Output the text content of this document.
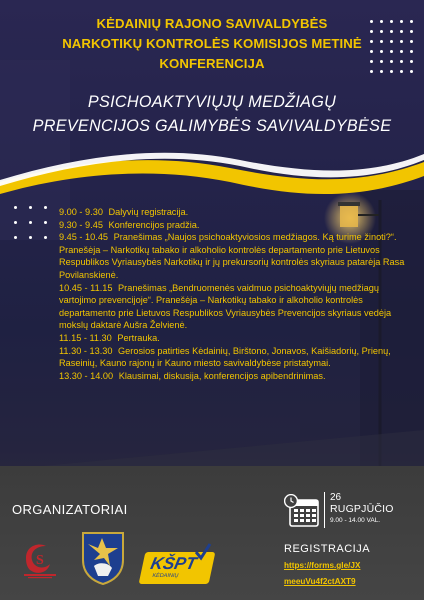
KĖDAINIŲ RAJONO SAVIVALDYBĖS
NARKOTIKŲ KONTROLĖS KOMISIJOS METINĖ
KONFERENCIJA

PSICHOAKTYVIŲJŲ MEDŽIAGŲ
PREVENCIJOS GALIMYBĖS SAVIVALDYBĖSE

9.00 - 9.30 Dalyvių registracija.

9.30 - 9.45 Konferencijos pradžia.

9.45 - 10.45 Pranešimas „Naujos psichoaktyviosios medžiagos. Ką turime žinoti?“. Pranešėja – Narkotikų tabako ir alkoholio kontrolės departamento prie Lietuvos Respublikos Vyriausybės Narkotikų ir jų prekursorių kontrolės skyriaus patarėja Rasa Povilanskienė.

10.45 - 11.15 Pranešimas „Bendruomenės vaidmuo psichoaktyviųjų medžiagų vartojimo prevencijoje“. Pranešėja – Narkotikų tabako ir alkoholio kontrolės departamento prie Lietuvos Respublikos Vyriausybės Prevencijos skyriaus vedėja mokslų daktarė Aušra Želvienė.

11.15 - 11.30 Pertrauka.

11.30 - 13.30 Gerosios patirties Kėdainių, Birštono, Jonavos, Kaišiadorių, Prienų, Raseinių, Kauno rajonų ir Kauno miesto savivaldybėse pristatymai.

13.30 - 14.00 Klausimai, diskusija, konferencijos apibendrinimas.

ORGANIZATORIAI
S	KŠPT
KĖDAINIŲ
26
RUGPJŪČIO
9.00 - 14.00 VAL.
REGISTRACIJA
https://forms.gle/JX
meeuVu4f2ctAXT9
